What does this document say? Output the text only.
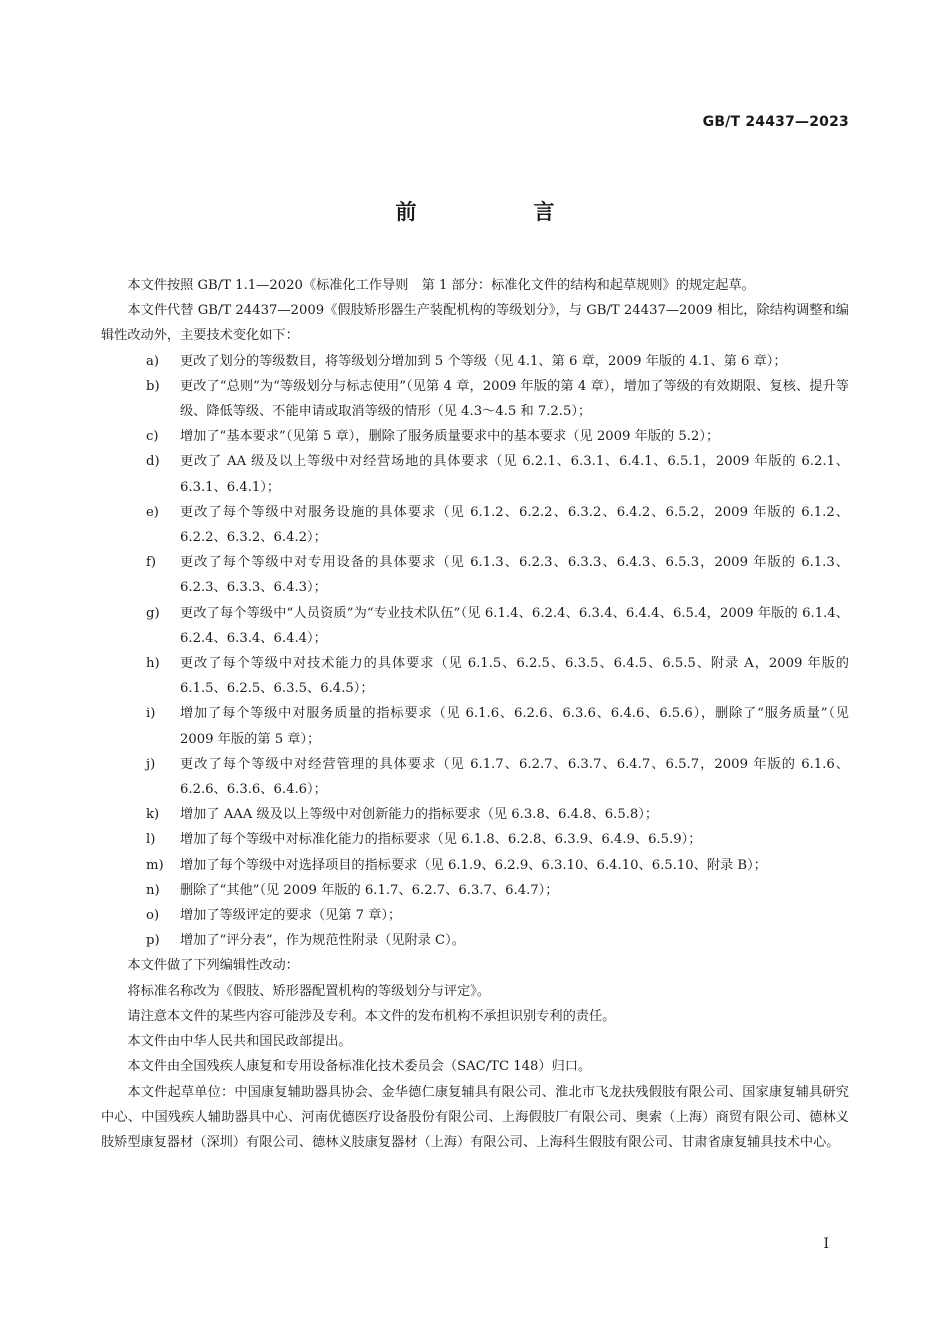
GB/T 24437—2023
前　言

本文件按照 GB/T 1.1—2020《标准化工作导则　第 1 部分：标准化文件的结构和起草规则》的规定起草。

本文件代替 GB/T 24437—2009《假肢矫形器生产装配机构的等级划分》，与 GB/T 24437—2009 相比，除结构调整和编辑性改动外，主要技术变化如下：

a)	更改了划分的等级数目，将等级划分增加到 5 个等级（见 4.1、第 6 章，2009 年版的 4.1、第 6 章）；
b)	更改了“总则”为“等级划分与标志使用”（见第 4 章，2009 年版的第 4 章），增加了等级的有效期限、复核、提升等级、降低等级、不能申请或取消等级的情形（见 4.3～4.5 和 7.2.5）；
c)	增加了“基本要求”（见第 5 章），删除了服务质量要求中的基本要求（见 2009 年版的 5.2）；
d)	更改了 AA 级及以上等级中对经营场地的具体要求（见 6.2.1、6.3.1、6.4.1、6.5.1，2009 年版的 6.2.1、6.3.1、6.4.1）；
e)	更改了每个等级中对服务设施的具体要求（见 6.1.2、6.2.2、6.3.2、6.4.2、6.5.2，2009 年版的 6.1.2、6.2.2、6.3.2、6.4.2）；
f)	更改了每个等级中对专用设备的具体要求（见 6.1.3、6.2.3、6.3.3、6.4.3、6.5.3，2009 年版的 6.1.3、6.2.3、6.3.3、6.4.3）；
g)	更改了每个等级中“人员资质”为“专业技术队伍”（见 6.1.4、6.2.4、6.3.4、6.4.4、6.5.4，2009 年版的 6.1.4、6.2.4、6.3.4、6.4.4）；
h)	更改了每个等级中对技术能力的具体要求（见 6.1.5、6.2.5、6.3.5、6.4.5、6.5.5、附录 A，2009 年版的 6.1.5、6.2.5、6.3.5、6.4.5）；
i)	增加了每个等级中对服务质量的指标要求（见 6.1.6、6.2.6、6.3.6、6.4.6、6.5.6），删除了“服务质量”（见 2009 年版的第 5 章）；
j)	更改了每个等级中对经营管理的具体要求（见 6.1.7、6.2.7、6.3.7、6.4.7、6.5.7，2009 年版的 6.1.6、6.2.6、6.3.6、6.4.6）；
k)	增加了 AAA 级及以上等级中对创新能力的指标要求（见 6.3.8、6.4.8、6.5.8）；
l)	增加了每个等级中对标准化能力的指标要求（见 6.1.8、6.2.8、6.3.9、6.4.9、6.5.9）；
m)	增加了每个等级中对选择项目的指标要求（见 6.1.9、6.2.9、6.3.10、6.4.10、6.5.10、附录 B）；
n)	删除了“其他”（见 2009 年版的 6.1.7、6.2.7、6.3.7、6.4.7）；
o)	增加了等级评定的要求（见第 7 章）；
p)	增加了“评分表”，作为规范性附录（见附录 C）。

本文件做了下列编辑性改动：

将标准名称改为《假肢、矫形器配置机构的等级划分与评定》。

请注意本文件的某些内容可能涉及专利。本文件的发布机构不承担识别专利的责任。

本文件由中华人民共和国民政部提出。

本文件由全国残疾人康复和专用设备标准化技术委员会（SAC/TC 148）归口。

本文件起草单位：中国康复辅助器具协会、金华德仁康复辅具有限公司、淮北市飞龙扶残假肢有限公司、国家康复辅具研究中心、中国残疾人辅助器具中心、河南优德医疗设备股份有限公司、上海假肢厂有限公司、奥索（上海）商贸有限公司、德林义肢矫型康复器材（深圳）有限公司、德林义肢康复器材（上海）有限公司、上海科生假肢有限公司、甘肃省康复辅具技术中心。

I
